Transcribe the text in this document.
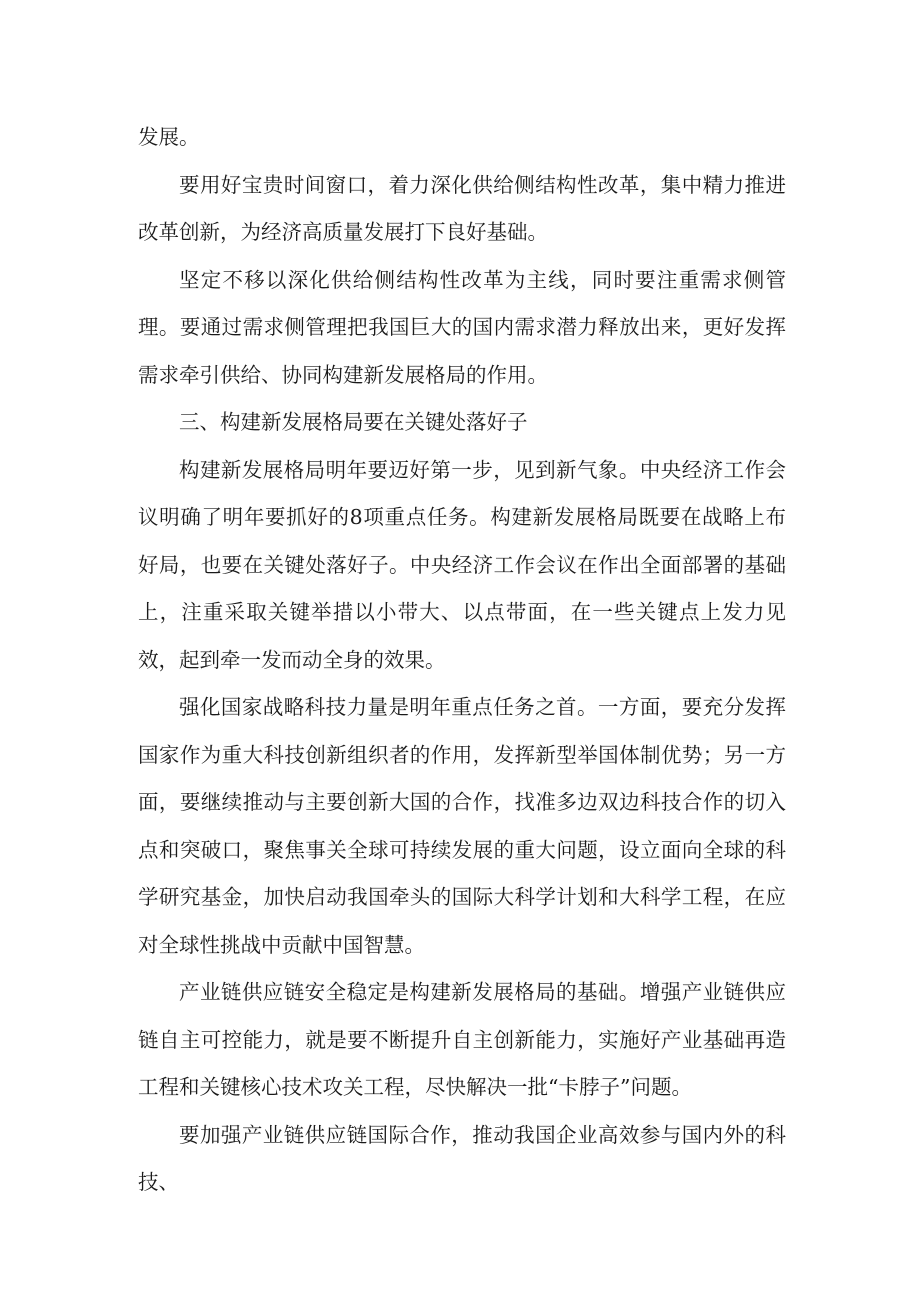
发展。

要用好宝贵时间窗口，着力深化供给侧结构性改革，集中精力推进改革创新，为经济高质量发展打下良好基础。

坚定不移以深化供给侧结构性改革为主线，同时要注重需求侧管理。要通过需求侧管理把我国巨大的国内需求潜力释放出来，更好发挥需求牵引供给、协同构建新发展格局的作用。

三、构建新发展格局要在关键处落好子

构建新发展格局明年要迈好第一步，见到新气象。中央经济工作会议明确了明年要抓好的8项重点任务。构建新发展格局既要在战略上布好局，也要在关键处落好子。中央经济工作会议在作出全面部署的基础上，注重采取关键举措以小带大、以点带面，在一些关键点上发力见效，起到牵一发而动全身的效果。

强化国家战略科技力量是明年重点任务之首。一方面，要充分发挥国家作为重大科技创新组织者的作用，发挥新型举国体制优势；另一方面，要继续推动与主要创新大国的合作，找准多边双边科技合作的切入点和突破口，聚焦事关全球可持续发展的重大问题，设立面向全球的科学研究基金，加快启动我国牵头的国际大科学计划和大科学工程，在应对全球性挑战中贡献中国智慧。

产业链供应链安全稳定是构建新发展格局的基础。增强产业链供应链自主可控能力，就是要不断提升自主创新能力，实施好产业基础再造工程和关键核心技术攻关工程，尽快解决一批“卡脖子”问题。

要加强产业链供应链国际合作，推动我国企业高效参与国内外的科技、
